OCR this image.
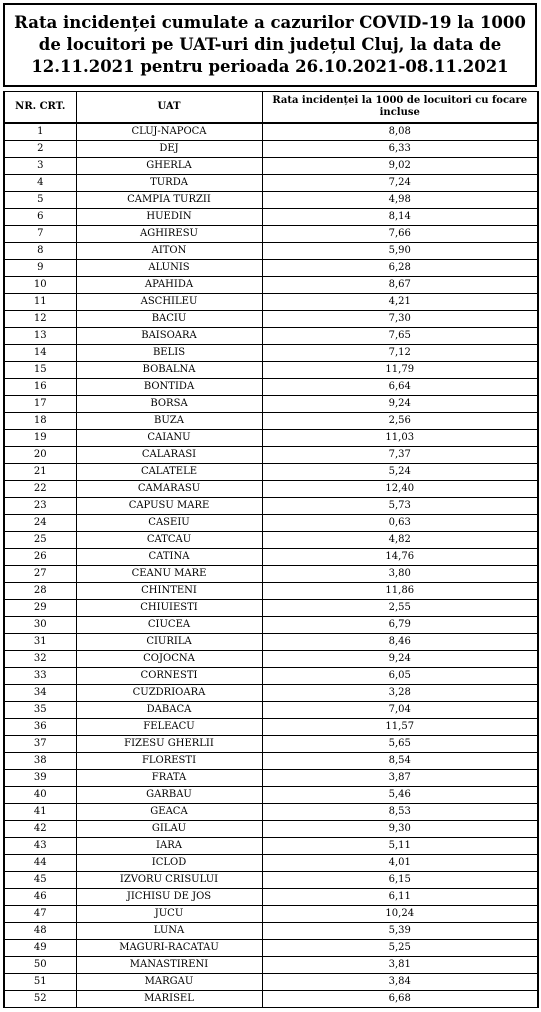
Rata incidenței cumulate a cazurilor COVID-19 la 1000 de locuitori pe UAT-uri din județul Cluj, la data de 12.11.2021 pentru perioada 26.10.2021-08.11.2021

NR. CRT.	UAT	Rata incidenței la 1000 de locuitori cu focare incluse
1	CLUJ-NAPOCA	8,08
2	DEJ	6,33
3	GHERLA	9,02
4	TURDA	7,24
5	CAMPIA TURZII	4,98
6	HUEDIN	8,14
7	AGHIRESU	7,66
8	AITON	5,90
9	ALUNIS	6,28
10	APAHIDA	8,67
11	ASCHILEU	4,21
12	BACIU	7,30
13	BAISOARA	7,65
14	BELIS	7,12
15	BOBALNA	11,79
16	BONTIDA	6,64
17	BORSA	9,24
18	BUZA	2,56
19	CAIANU	11,03
20	CALARASI	7,37
21	CALATELE	5,24
22	CAMARASU	12,40
23	CAPUSU MARE	5,73
24	CASEIU	0,63
25	CATCAU	4,82
26	CATINA	14,76
27	CEANU MARE	3,80
28	CHINTENI	11,86
29	CHIUIESTI	2,55
30	CIUCEA	6,79
31	CIURILA	8,46
32	COJOCNA	9,24
33	CORNESTI	6,05
34	CUZDRIOARA	3,28
35	DABACA	7,04
36	FELEACU	11,57
37	FIZESU GHERLII	5,65
38	FLORESTI	8,54
39	FRATA	3,87
40	GARBAU	5,46
41	GEACA	8,53
42	GILAU	9,30
43	IARA	5,11
44	ICLOD	4,01
45	IZVORU CRISULUI	6,15
46	JICHISU DE JOS	6,11
47	JUCU	10,24
48	LUNA	5,39
49	MAGURI-RACATAU	5,25
50	MANASTIRENI	3,81
51	MARGAU	3,84
52	MARISEL	6,68
